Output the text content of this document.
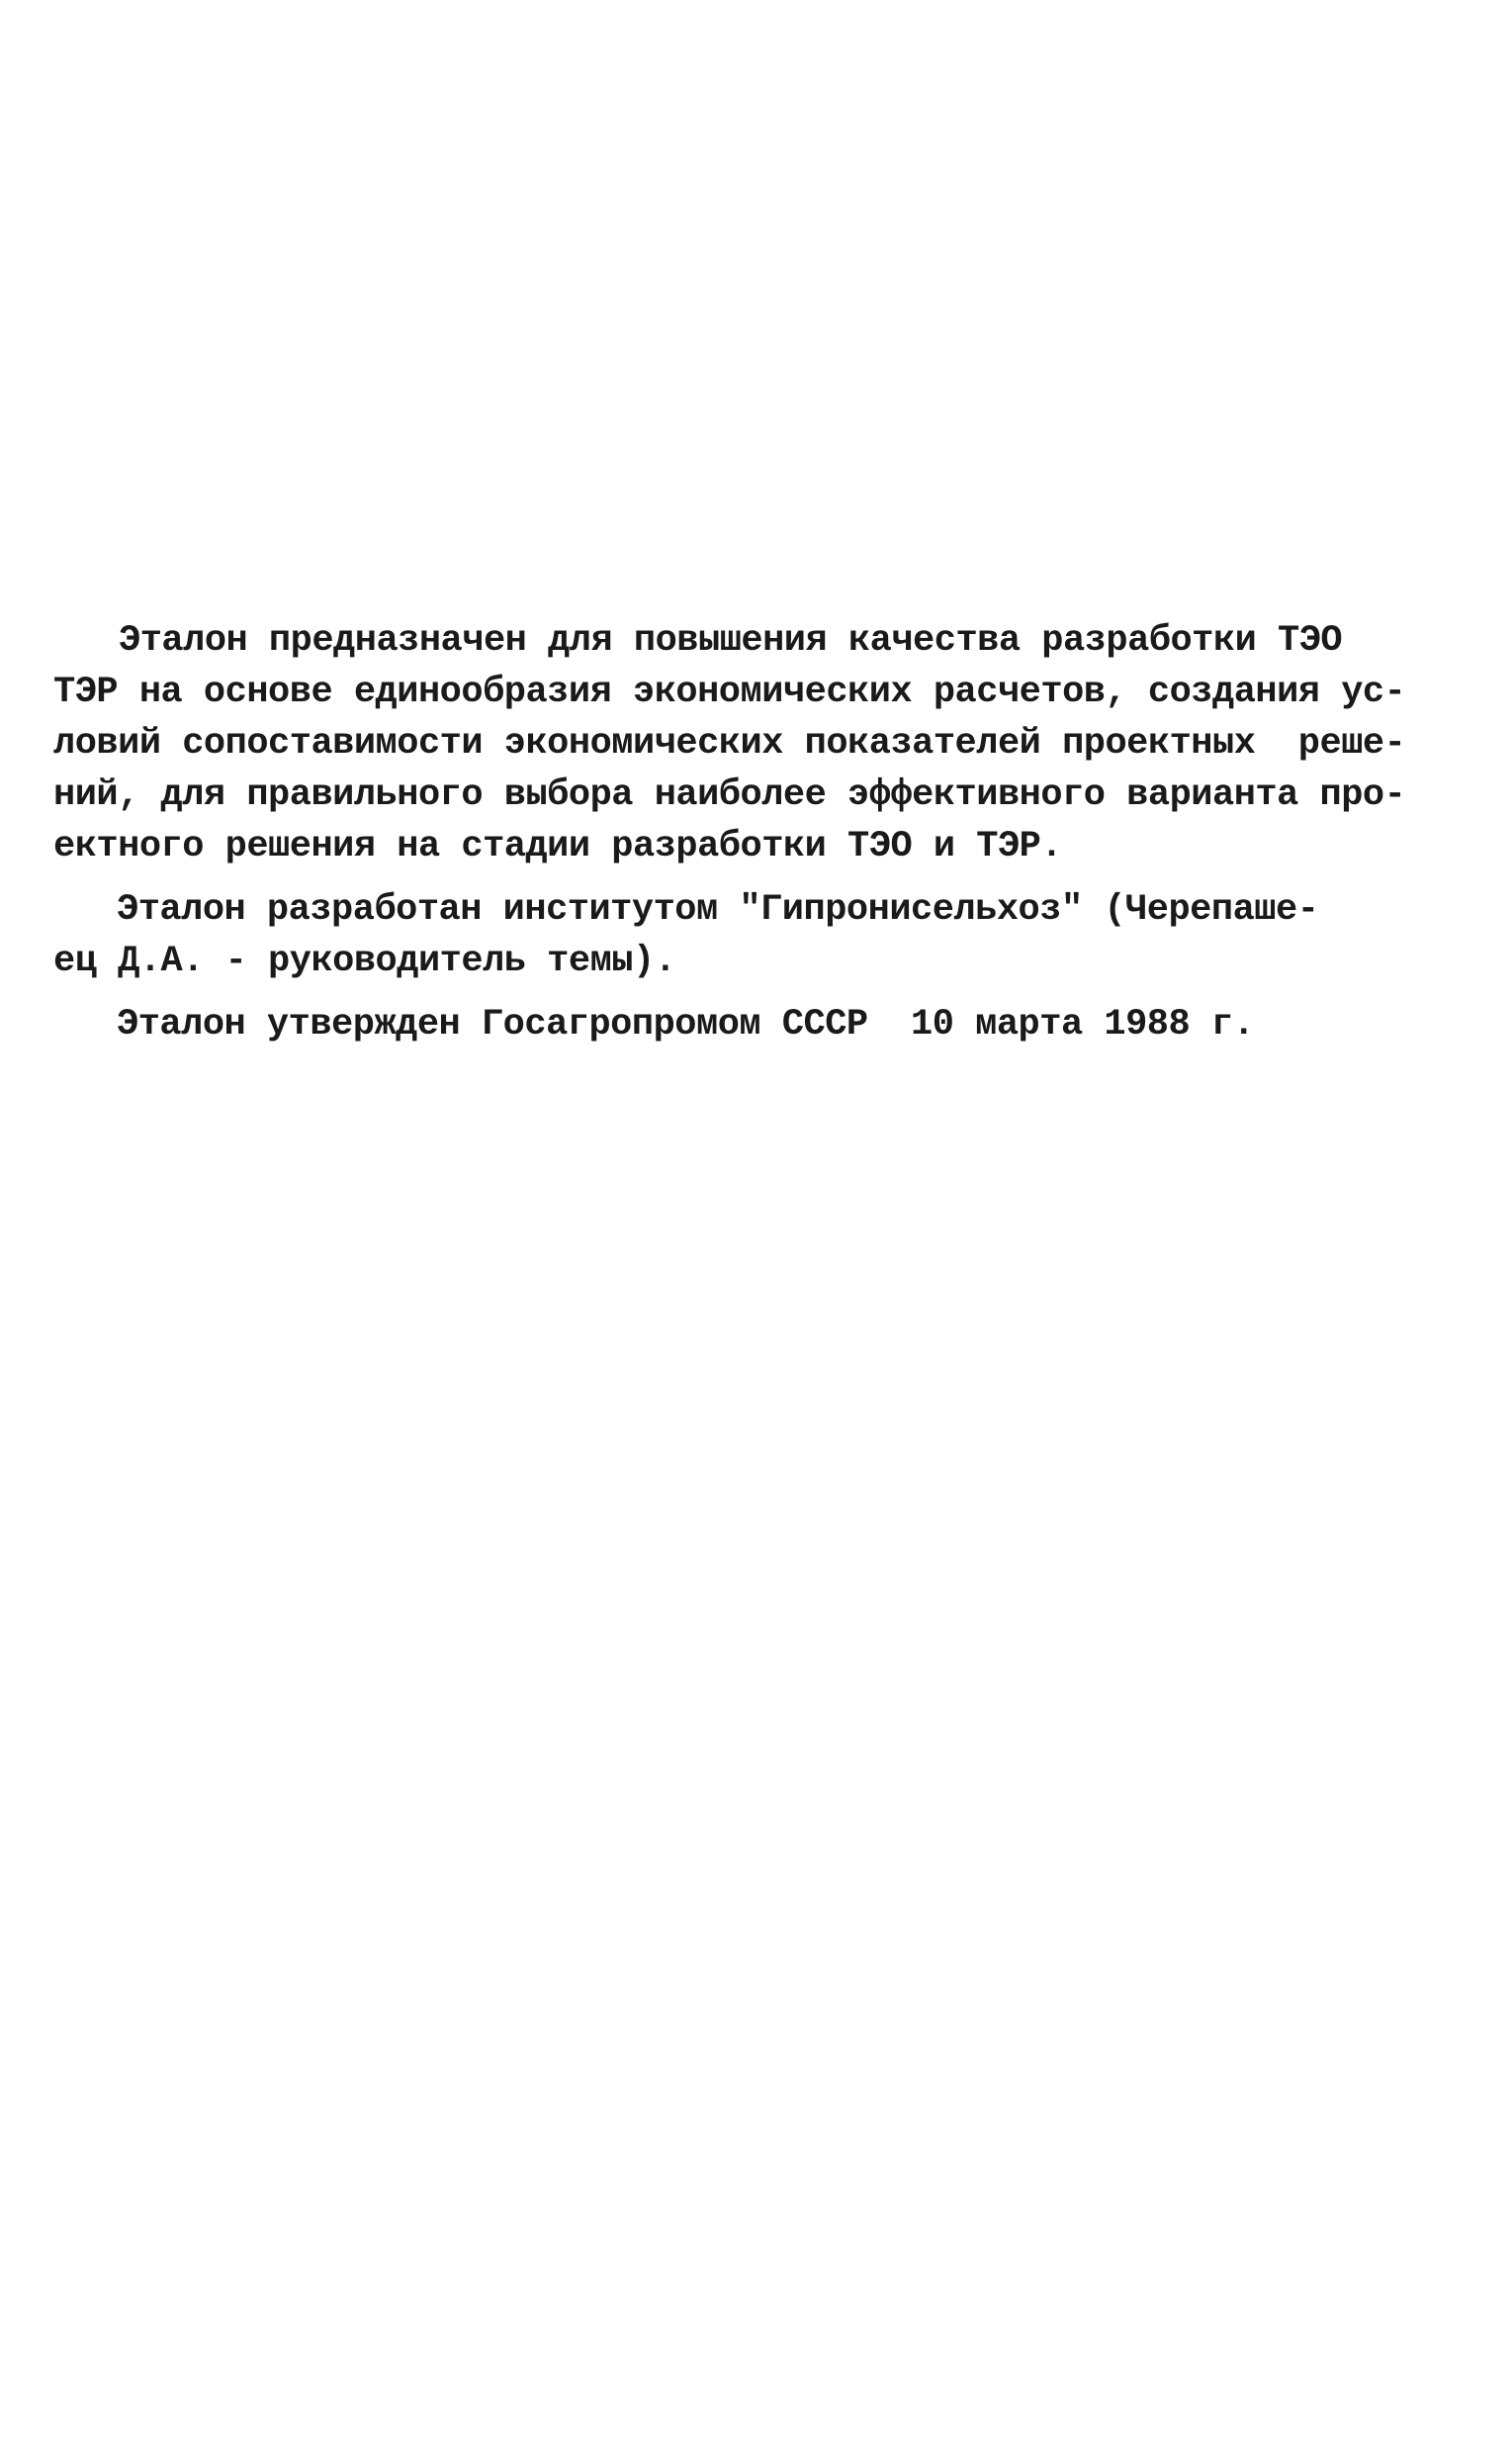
Эталон предназначен для повышения качества разработки ТЭО
ТЭР на основе единообразия экономических расчетов, создания ус-
ловий сопоставимости экономических показателей проектных  реше-
ний, для правильного выбора наиболее эффективного варианта про-
ектного решения на стадии разработки ТЭО и ТЭР.
Эталон разработан институтом "Гипронисельхоз" (Черепаше-
ец Д.А. - руководитель темы).
Эталон утвержден Госагропромом СССР  10 марта 1988 г.
